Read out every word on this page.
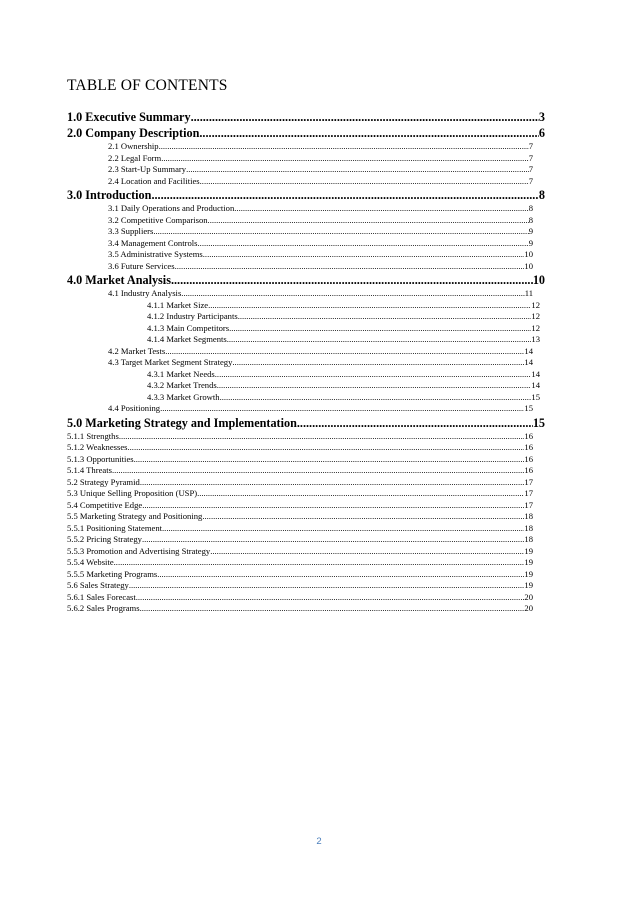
TABLE OF CONTENTS
1.0 Executive Summary .....	3
2.0 Company Description .....	6
2.1 Ownership .....	7
2.2 Legal Form .....	7
2.3 Start-Up Summary .....	7
2.4 Location and Facilities .....	7
3.0 Introduction .....	8
3.1 Daily Operations and Production .....	8
3.2 Competitive Comparison .....	8
3.3 Suppliers .....	9
3.4 Management Controls .....	9
3.5 Administrative Systems .....	10
3.6 Future Services .....	10
4.0 Market Analysis .....	10
4.1 Industry Analysis .....	11
4.1.1 Market Size .....	12
4.1.2 Industry Participants .....	12
4.1.3 Main Competitors .....	12
4.1.4 Market Segments .....	13
4.2 Market Tests .....	14
4.3 Target Market Segment Strategy .....	14
4.3.1 Market Needs .....	14
4.3.2 Market Trends .....	14
4.3.3 Market Growth .....	15
4.4 Positioning .....	15
5.0 Marketing Strategy and Implementation .....	15
5.1.1 Strengths .....	16
5.1.2 Weaknesses .....	16
5.1.3 Opportunities .....	16
5.1.4 Threats .....	16
5.2 Strategy Pyramid .....	17
5.3 Unique Selling Proposition (USP) .....	17
5.4 Competitive Edge .....	17
5.5 Marketing Strategy and Positioning .....	18
5.5.1 Positioning Statement .....	18
5.5.2 Pricing Strategy .....	18
5.5.3 Promotion and Advertising Strategy .....	19
5.5.4 Website .....	19
5.5.5 Marketing Programs .....	19
5.6 Sales Strategy .....	19
5.6.1 Sales Forecast .....	20
5.6.2 Sales Programs .....	20
2
